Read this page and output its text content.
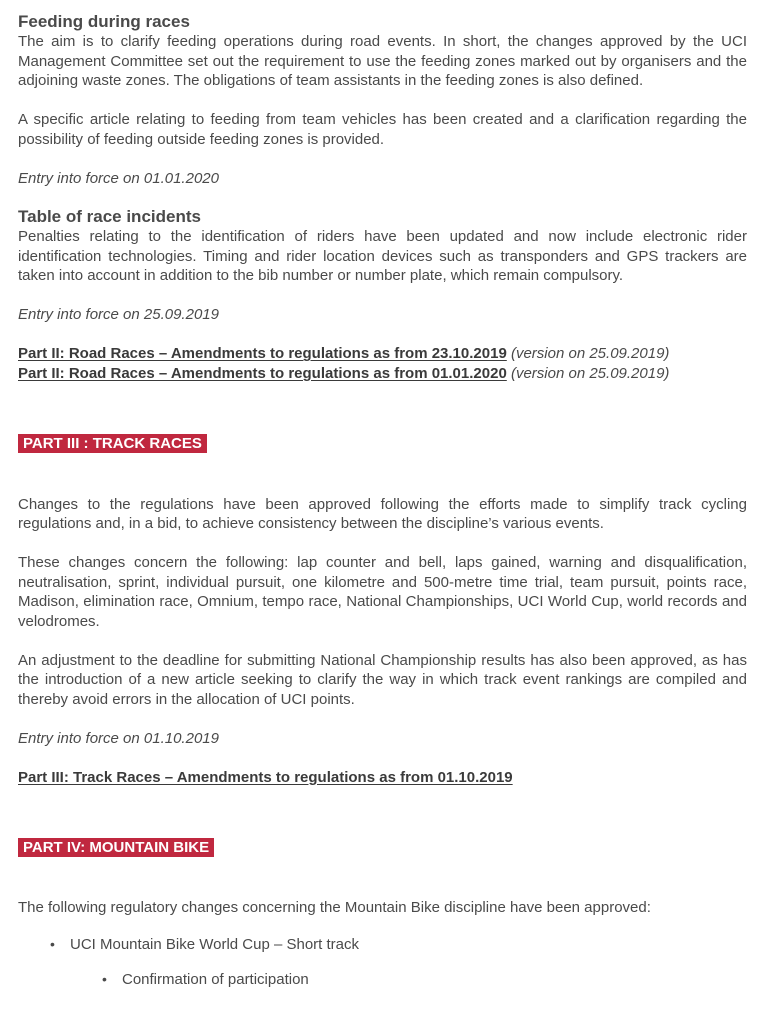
Feeding during races

The aim is to clarify feeding operations during road events. In short, the changes approved by the UCI Management Committee set out the requirement to use the feeding zones marked out by organisers and the adjoining waste zones. The obligations of team assistants in the feeding zones is also defined.

A specific article relating to feeding from team vehicles has been created and a clarification regarding the possibility of feeding outside feeding zones is provided.

Entry into force on 01.01.2020

Table of race incidents

Penalties relating to the identification of riders have been updated and now include electronic rider identification technologies. Timing and rider location devices such as transponders and GPS trackers are taken into account in addition to the bib number or number plate, which remain compulsory.

Entry into force on 25.09.2019

Part II: Road Races – Amendments to regulations as from 23.10.2019 (version on 25.09.2019)
Part II: Road Races – Amendments to regulations as from 01.01.2020 (version on 25.09.2019)
PART III : TRACK RACES

Changes to the regulations have been approved following the efforts made to simplify track cycling regulations and, in a bid, to achieve consistency between the discipline’s various events.

These changes concern the following: lap counter and bell, laps gained, warning and disqualification, neutralisation, sprint, individual pursuit, one kilometre and 500-metre time trial, team pursuit, points race, Madison, elimination race, Omnium, tempo race, National Championships, UCI World Cup, world records and velodromes.

An adjustment to the deadline for submitting National Championship results has also been approved, as has the introduction of a new article seeking to clarify the way in which track event rankings are compiled and thereby avoid errors in the allocation of UCI points.

Entry into force on 01.10.2019

Part III: Track Races – Amendments to regulations as from 01.10.2019
PART IV: MOUNTAIN BIKE

The following regulatory changes concerning the Mountain Bike discipline have been approved:

• UCI Mountain Bike World Cup – Short track
• Confirmation of participation
